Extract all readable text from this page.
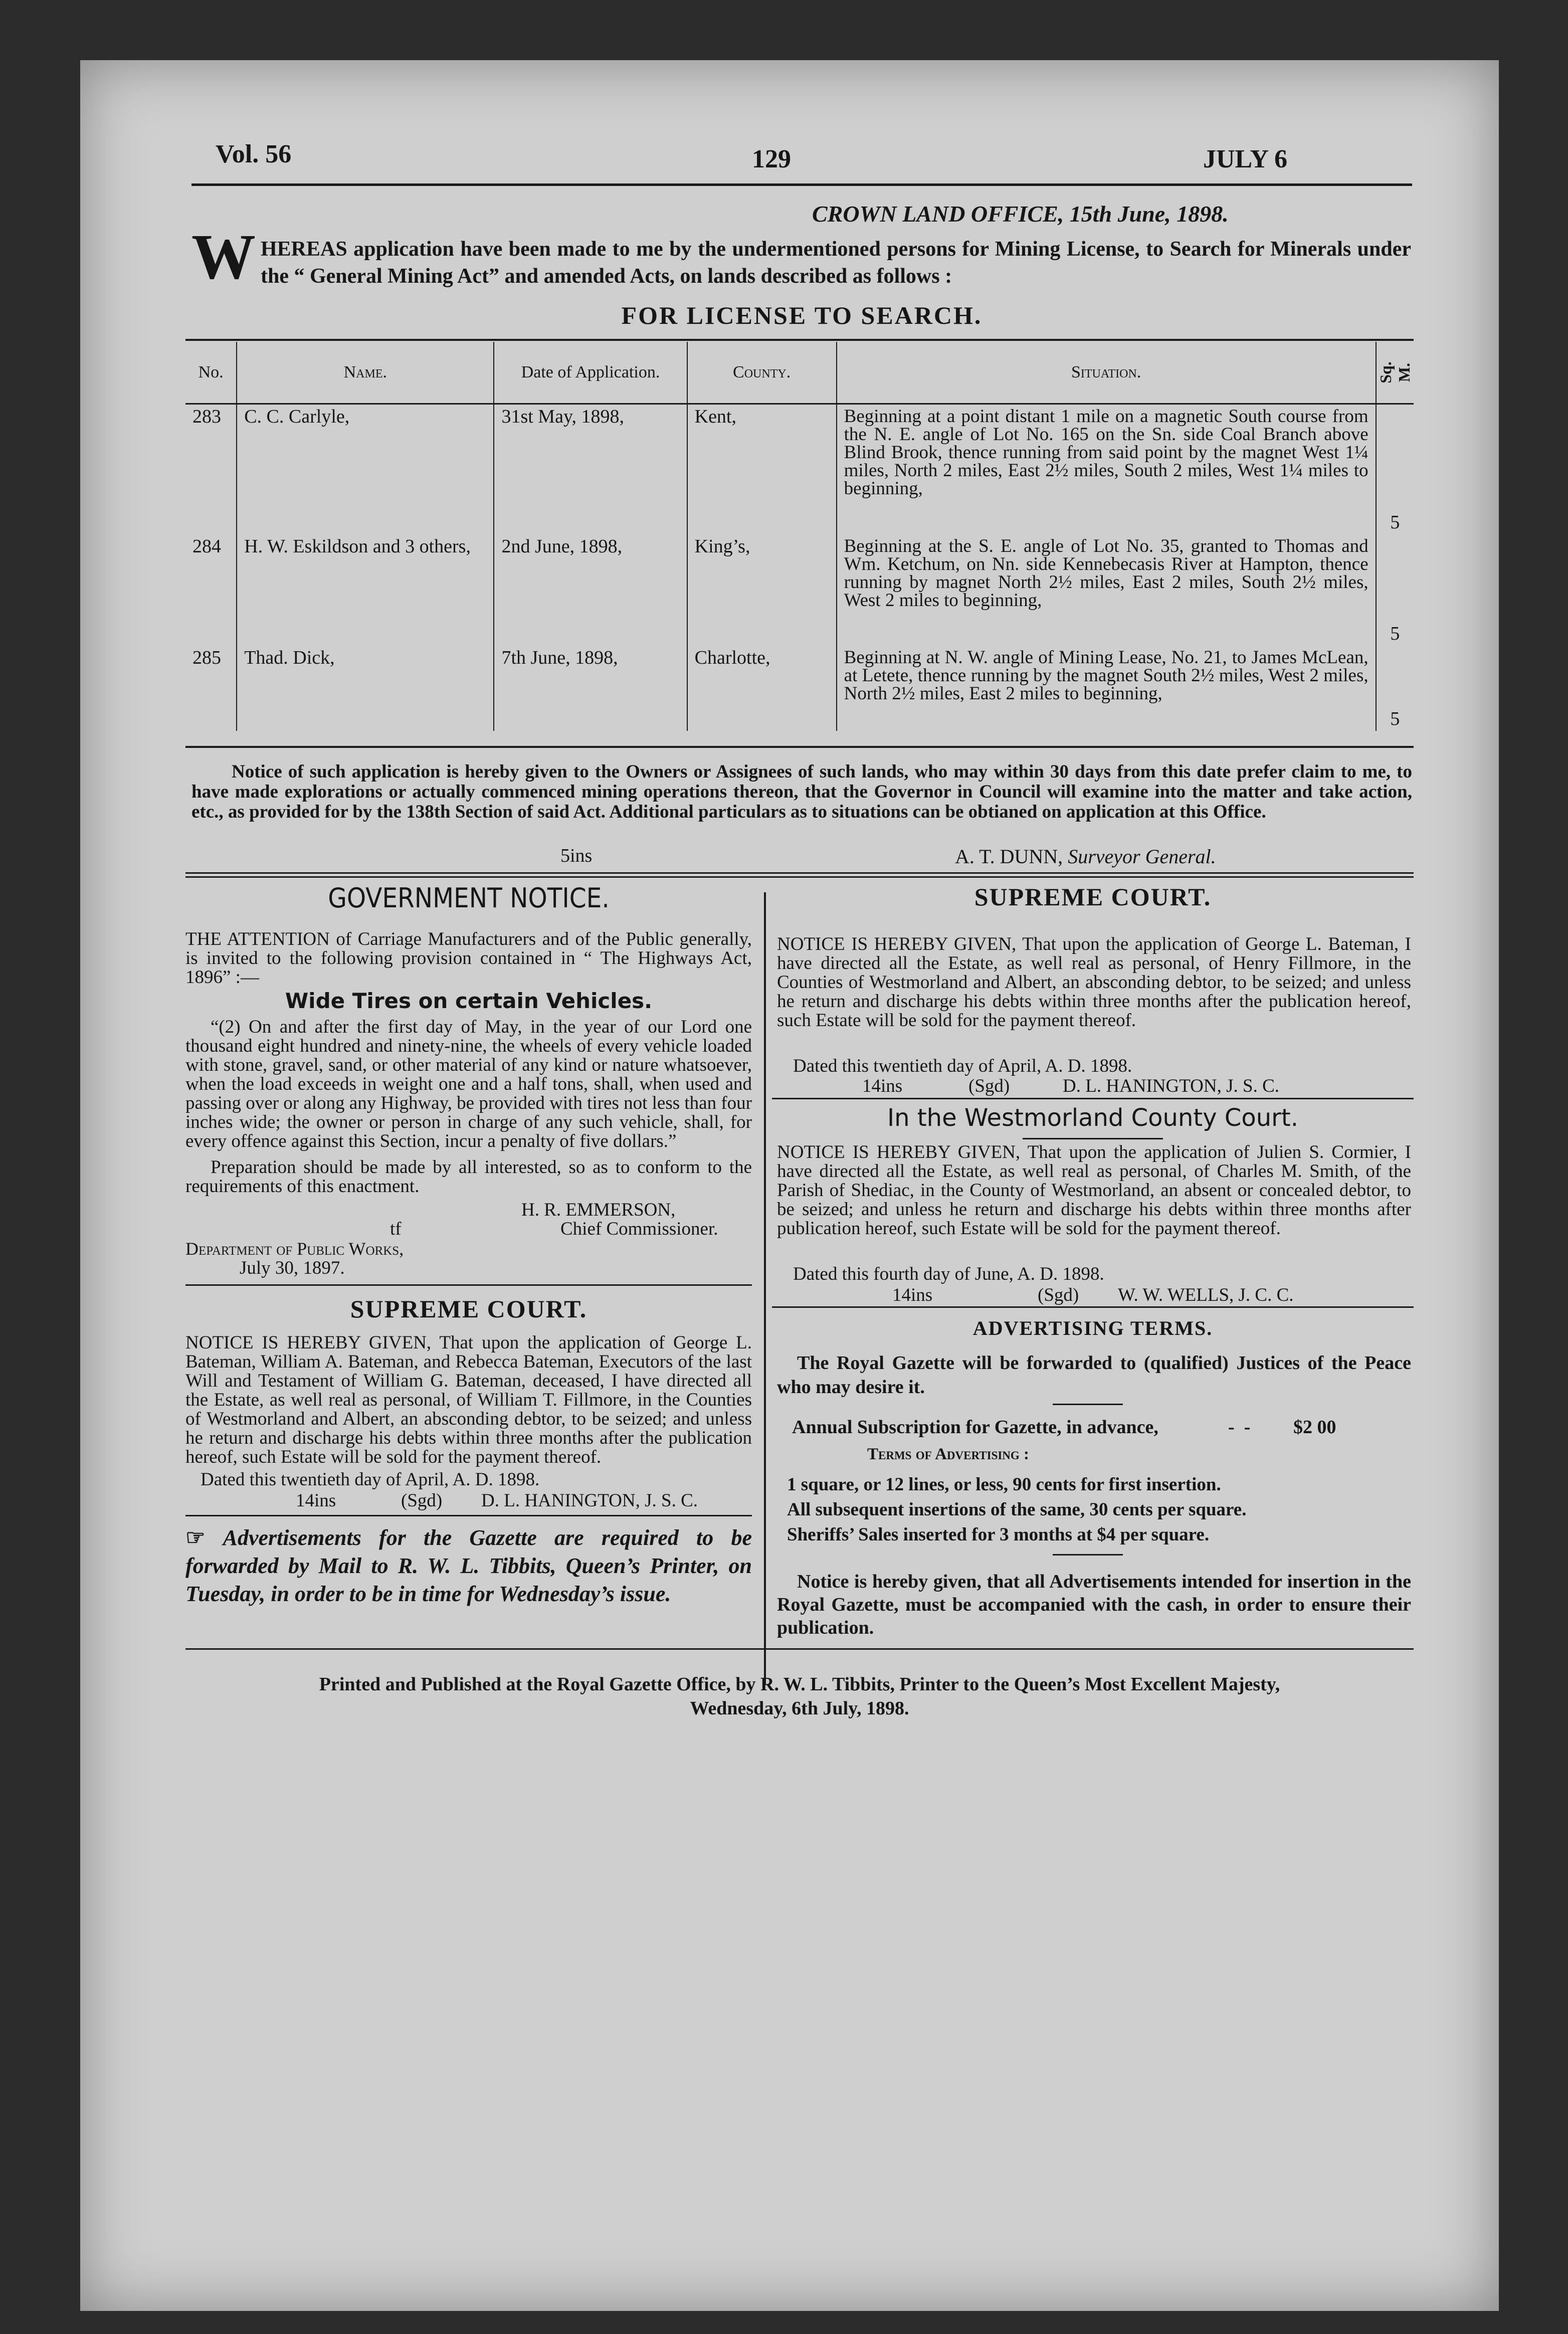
Vol. 56	129	JULY 6
CROWN LAND OFFICE, 15th June, 1898.
W HEREAS application have been made to me by the undermentioned persons for Mining License, to Search for Minerals under the “ General Mining Act” and amended Acts, on lands described as follows :
FOR LICENSE TO SEARCH.
No.	Name.	Date of Application.	County.	Situation.	Sq. M.
283	C. C. Carlyle,	31st May, 1898,	Kent,	Beginning at a point distant 1 mile on a magnetic South course from the N. E. angle of Lot No. 165 on the Sn. side Coal Branch above Blind Brook, thence running from said point by the magnet West 1¼ miles, North 2 miles, East 2½ miles, South 2 miles, West 1¼ miles to beginning,	5
284	H. W. Eskildson and 3 others,	2nd June, 1898,	King’s,	Beginning at the S. E. angle of Lot No. 35, granted to Thomas and Wm. Ketchum, on Nn. side Kennebecasis River at Hampton, thence running by magnet North 2½ miles, East 2 miles, South 2½ miles, West 2 miles to beginning,	5
285	Thad. Dick,	7th June, 1898,	Charlotte,	Beginning at N. W. angle of Mining Lease, No. 21, to James McLean, at Letete, thence running by the magnet South 2½ miles, West 2 miles, North 2½ miles, East 2 miles to beginning,	5
Notice of such application is hereby given to the Owners or Assignees of such lands, who may within 30 days from this date prefer claim to me, to have made explorations or actually commenced mining operations thereon, that the Governor in Council will examine into the matter and take action, etc., as provided for by the 138th Section of said Act. Additional particulars as to situations can be obtianed on application at this Office.
5ins	A. T. DUNN, Surveyor General.
GOVERNMENT NOTICE.
THE ATTENTION of Carriage Manufacturers and of the Public generally, is invited to the following provision contained in “ The Highways Act, 1896” :—
Wide Tires on certain Vehicles.
“(2) On and after the first day of May, in the year of our Lord one thousand eight hundred and ninety-nine, the wheels of every vehicle loaded with stone, gravel, sand, or other material of any kind or nature whatsoever, when the load exceeds in weight one and a half tons, shall, when used and passing over or along any Highway, be provided with tires not less than four inches wide; the owner or person in charge of any such vehicle, shall, for every offence against this Section, incur a penalty of five dollars.”
Preparation should be made by all interested, so as to conform to the requirements of this enactment.
H. R. EMMERSON,
tf	Chief Commissioner.
Department of Public Works,
July 30, 1897.
SUPREME COURT.
NOTICE IS HEREBY GIVEN, That upon the application of George L. Bateman, William A. Bateman, and Rebecca Bateman, Executors of the last Will and Testament of William G. Bateman, deceased, I have directed all the Estate, as well real as personal, of William T. Fillmore, in the Counties of Westmorland and Albert, an absconding debtor, to be seized; and unless he return and discharge his debts within three months after the publication hereof, such Estate will be sold for the payment thereof.
Dated this twentieth day of April, A. D. 1898.
14ins	(Sgd) D. L. HANINGTON, J. S. C.
☞ Advertisements for the Gazette are required to be forwarded by Mail to R. W. L. Tibbits, Queen’s Printer, on Tuesday, in order to be in time for Wednesday’s issue.
SUPREME COURT.
NOTICE IS HEREBY GIVEN, That upon the application of George L. Bateman, I have directed all the Estate, as well real as personal, of Henry Fillmore, in the Counties of Westmorland and Albert, an absconding debtor, to be seized; and unless he return and discharge his debts within three months after the publication hereof, such Estate will be sold for the payment thereof.
Dated this twentieth day of April, A. D. 1898.
14ins	(Sgd)	D. L. HANINGTON, J. S. C.
In the Westmorland County Court.
NOTICE IS HEREBY GIVEN, That upon the application of Julien S. Cormier, I have directed all the Estate, as well real as personal, of Charles M. Smith, of the Parish of Shediac, in the County of Westmorland, an absent or concealed debtor, to be seized; and unless he return and discharge his debts within three months after publication hereof, such Estate will be sold for the payment thereof.
Dated this fourth day of June, A. D. 1898.
14ins	(Sgd) W. W. WELLS, J. C. C.
ADVERTISING TERMS.
The Royal Gazette will be forwarded to (qualified) Justices of the Peace who may desire it.
Annual Subscription for Gazette, in advance,	-  - $2 00
Terms of Advertising :
1 square, or 12 lines, or less, 90 cents for first insertion.
All subsequent insertions of the same, 30 cents per square.
Sheriffs’ Sales inserted for 3 months at $4 per square.
Notice is hereby given, that all Advertisements intended for insertion in the Royal Gazette, must be accompanied with the cash, in order to ensure their publication.
Printed and Published at the Royal Gazette Office, by R. W. L. Tibbits, Printer to the Queen’s Most Excellent Majesty,
Wednesday, 6th July, 1898.
